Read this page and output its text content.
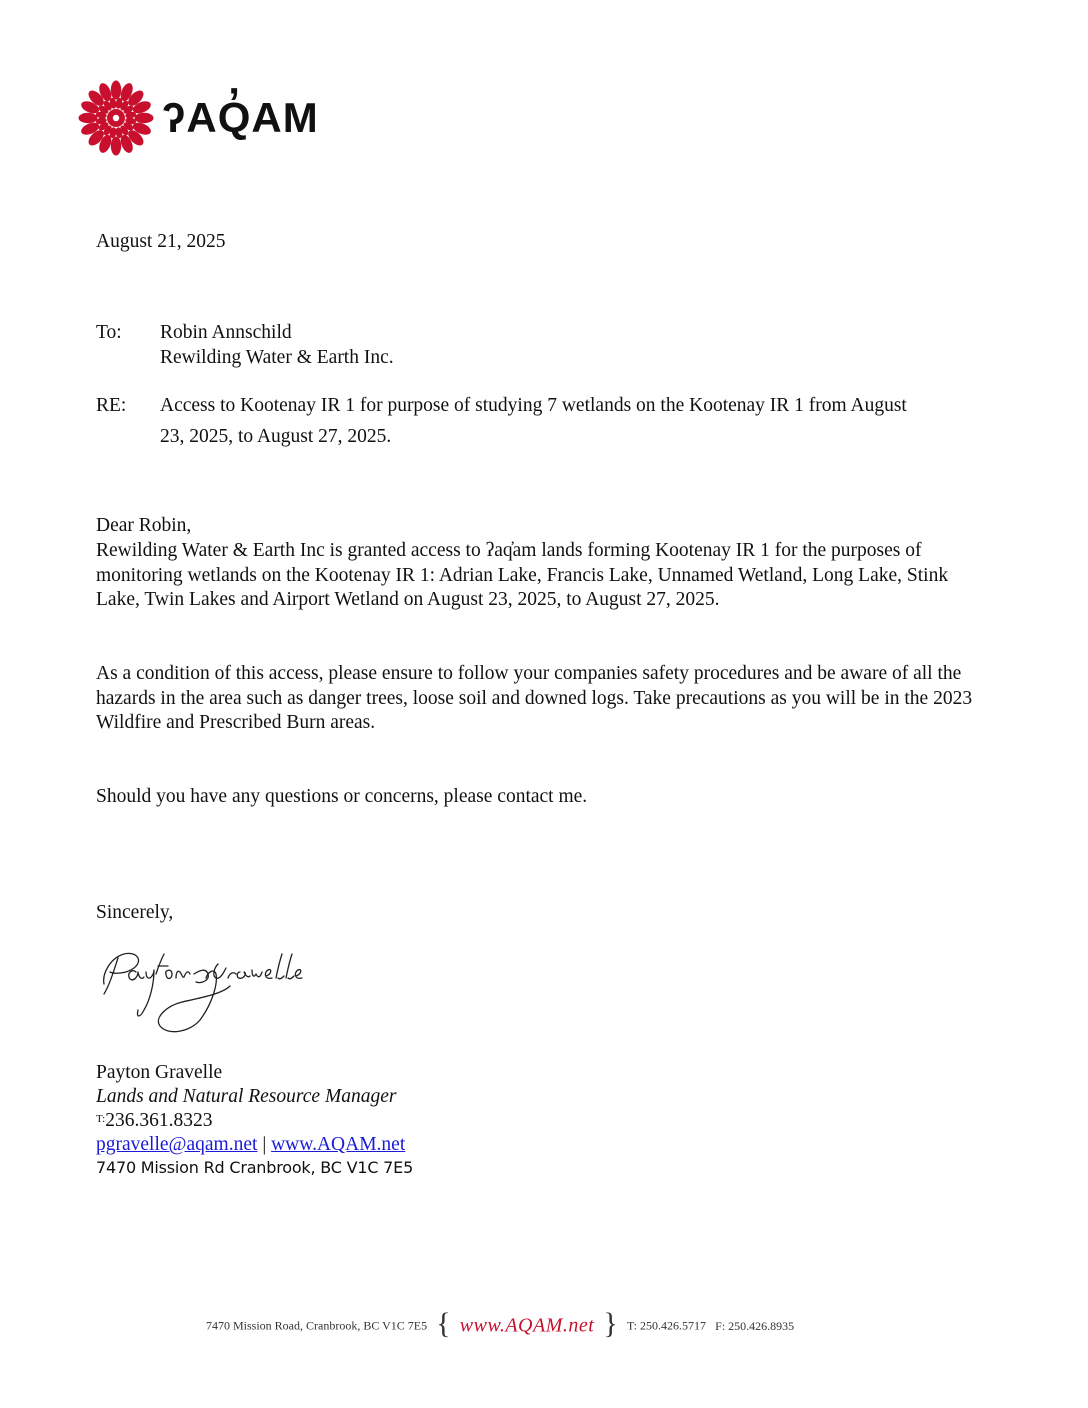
ʔAQ̓AM
August 21, 2025
To: Robin Annschild
Rewilding Water & Earth Inc.
RE: Access to Kootenay IR 1 for purpose of studying 7 wetlands on the Kootenay IR 1 from August
23, 2025, to August 27, 2025.
Dear Robin,
Rewilding Water & Earth Inc is granted access to ʔaq̓am lands forming Kootenay IR 1 for the purposes of monitoring wetlands on the Kootenay IR 1: Adrian Lake, Francis Lake, Unnamed Wetland, Long Lake, Stink Lake, Twin Lakes and Airport Wetland on August 23, 2025, to August 27, 2025.
As a condition of this access, please ensure to follow your companies safety procedures and be aware of all the hazards in the area such as danger trees, loose soil and downed logs. Take precautions as you will be in the 2023 Wildfire and Prescribed Burn areas.
Should you have any questions or concerns, please contact me.
Sincerely,
Payton Gravelle
Lands and Natural Resource Manager
$^{T:}$236.361.8323
pgravelle@aqam.net | www.AQAM.net
7470 Mission Rd Cranbrook, BC V1C 7E5
7470 Mission Road, Cranbrook, BC V1C 7E5 { www.AQAM.net } T: 250.426.5717 F: 250.426.8935
